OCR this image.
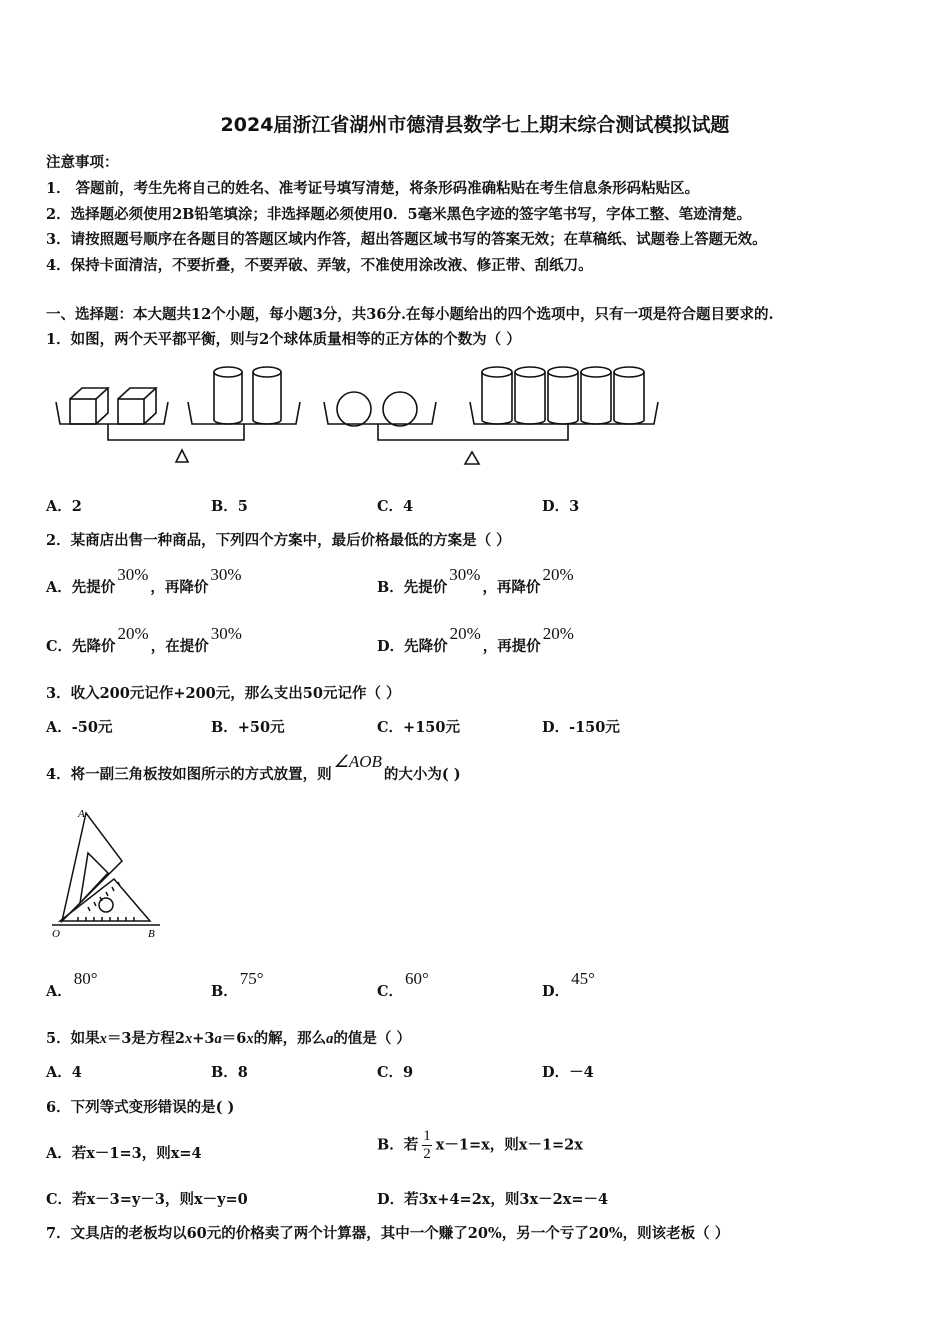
2024届浙江省湖州市德清县数学七上期末综合测试模拟试题
注意事项：
1． 答题前，考生先将自己的姓名、准考证号填写清楚，将条形码准确粘贴在考生信息条形码粘贴区。
2．选择题必须使用2B铅笔填涂；非选择题必须使用0．5毫米黑色字迹的签字笔书写，字体工整、笔迹清楚。
3．请按照题号顺序在各题目的答题区域内作答，超出答题区域书写的答案无效；在草稿纸、试题卷上答题无效。
4．保持卡面清洁，不要折叠，不要弄破、弄皱，不准使用涂改液、修正带、刮纸刀。
一、选择题：本大题共12个小题，每小题3分，共36分.在每小题给出的四个选项中，只有一项是符合题目要求的.
1．如图，两个天平都平衡，则与2个球体质量相等的正方体的个数为（ ）
A．2	B．5	C．4	D．3
2．某商店出售一种商品，下列四个方案中，最后价格最低的方案是（ ）
A．先提价30%，再降价30%
B．先提价30%，再降价20%
C．先降价20%，在提价30%
D．先降价20%，再提价20%
3．收入200元记作+200元，那么支出50元记作（ ）
A．-50元	B．+50元	C．+150元	D．-150元
4．将一副三角板按如图所示的方式放置，则∠AOB的大小为( )
A
O	B
A．80°
B．75°
C．60°
D．45°
5．如果x＝3是方程2x+3a＝6x的解，那么a的值是（ ）
A．4	B．8	C．9	D．－4
6．下列等式变形错误的是( )
A．若x－1=3，则x=4	B．若 $\frac{1}{2} x-1=x$，则x－1=2x
C．若x－3=y－3，则x－y=0	D．若3x+4=2x，则3x－2x=－4
7．文具店的老板均以60元的价格卖了两个计算器，其中一个赚了20%，另一个亏了20%，则该老板（ ）
